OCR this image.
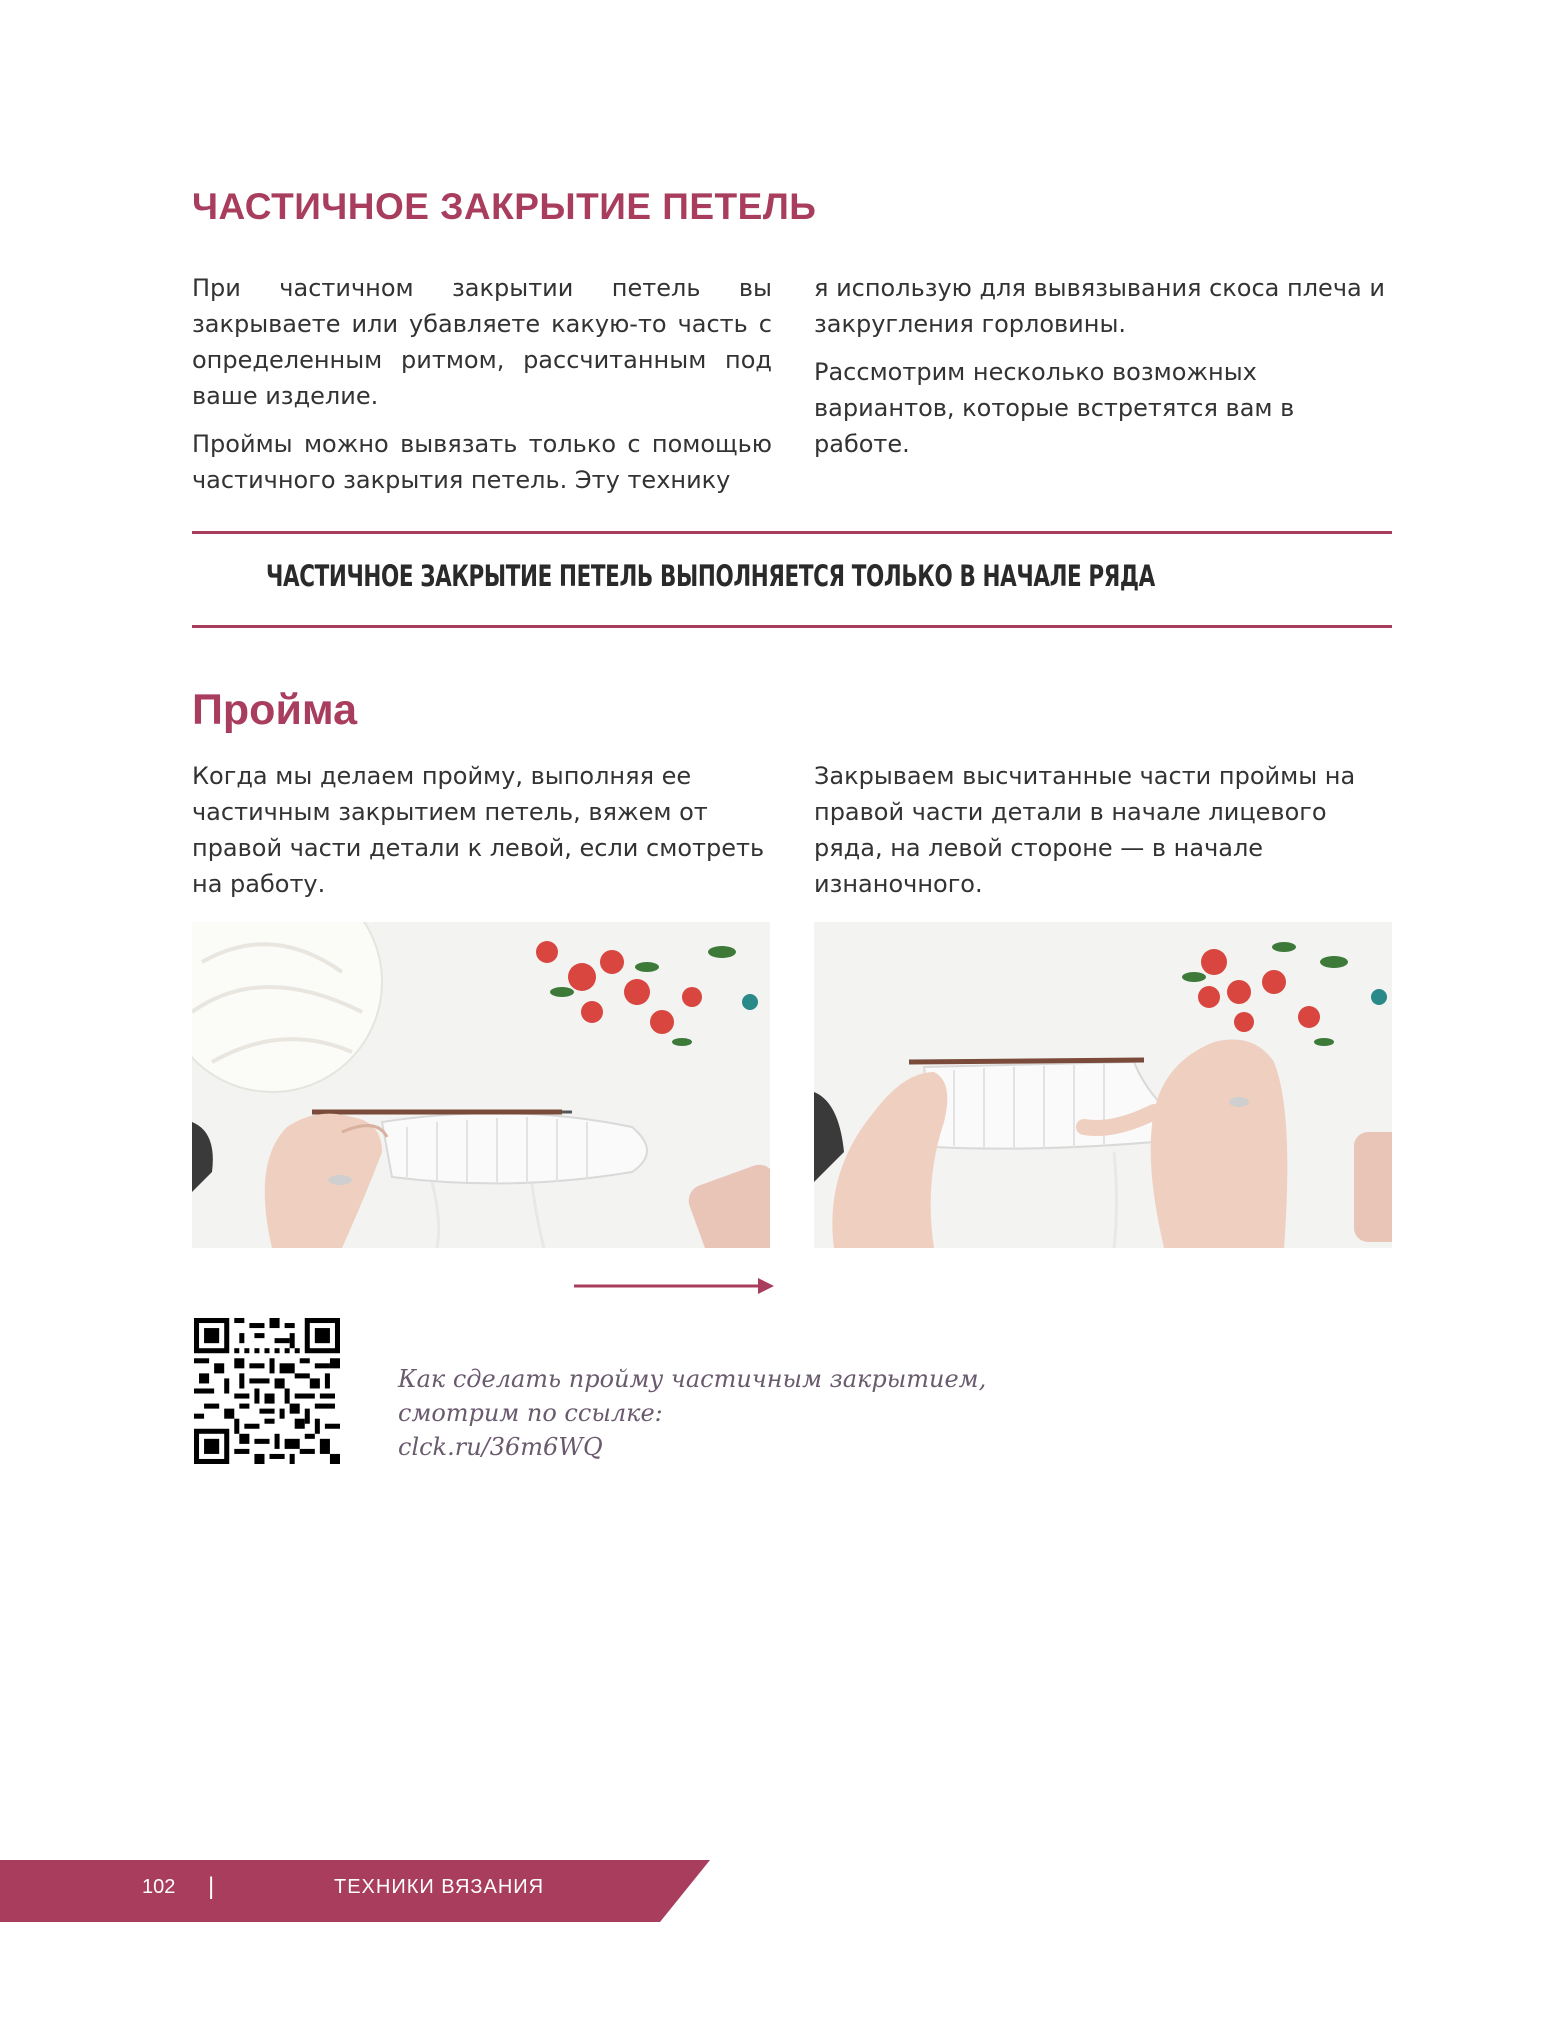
ЧАСТИЧНОЕ ЗАКРЫТИЕ ПЕТЕЛЬ

При частичном закрытии петель вы закрываете или убавляете какую-то часть с определенным ритмом, рассчитанным под ваше изделие.

Проймы можно вывязать только с помощью частичного закрытия петель. Эту технику

я использую для вывязывания скоса плеча и закругления горловины.

Рассмотрим несколько возможных вариантов, которые встретятся вам в работе.

ЧАСТИЧНОЕ ЗАКРЫТИЕ ПЕТЕЛЬ ВЫПОЛНЯЕТСЯ ТОЛЬКО В НАЧАЛЕ РЯДА
Пройма
Когда мы делаем пройму, выполняя ее частичным закрытием петель, вяжем от правой части детали к левой, если смотреть на работу.
Закрываем высчитанные части проймы на правой части детали в начале лицевого ряда, на левой стороне — в начале изнаночного.
Как сделать пройму частичным закрытием,
смотрим по ссылке:
clck.ru/36m6WQ
102 |	ТЕХНИКИ ВЯЗАНИЯ
